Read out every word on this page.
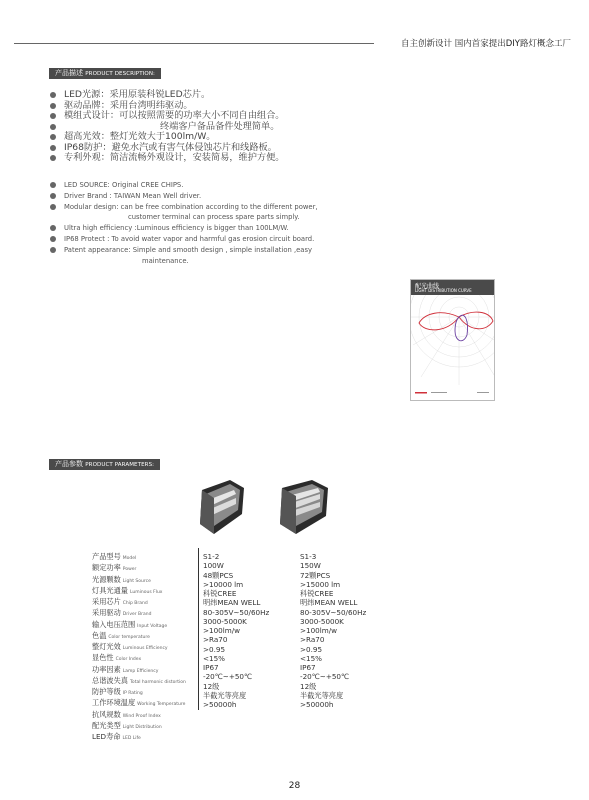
自主创新设计 国内首家提出DIY路灯概念工厂
产品描述 PRODUCT DESCRIPTION:
LED光源：采用原装科锐LED芯片。
驱动品牌：采用台湾明纬驱动。
模组式设计：可以按照需要的功率大小不同自由组合。
终端客户备品备件处理简单。
超高光效：整灯光效大于100lm/W。
IP68防护：避免水汽或有害气体侵蚀芯片和线路板。
专利外观：简洁流畅外观设计，安装简易，维护方便。
LED SOURCE: Original CREE CHIPS.
Driver Brand : TAIWAN Mean Well driver.
Modular design: can be free combination according to the different power,
customer terminal can process spare parts simply.
Ultra high efficiency :Luminous efficiency is bigger than 100LM/W.
IP68 Protect : To avoid water vapor and harmful gas erosion circuit board.
Patent appearance: Simple and smooth design , simple installation ,easy
maintenance.
配光曲线
LIGHT DISTRIBUTION CURVE
产品参数 PRODUCT PARAMETERS:
产品型号 Model
额定功率 Power
光源颗数 Light Source
灯具光通量 Luminous Flux
采用芯片 Chip Brand
采用驱动 Driver Brand
输入电压范围 Input Voltage
色温 Color temperature
整灯光效 Luminous Efficiency
显色性 Color Index
功率因素 Lamp Efficiency
总谐波失真 Total harmonic distortion
防护等级 IP Rating
工作环境温度 Working Temperature
抗风规数 Wind Proof Index
配光类型 Light Distribution
LED寿命 LED Life
S1-2
100W
48颗PCS
>10000 lm
科锐CREE
明纬MEAN WELL
80-305V~50/60Hz
3000-5000K
>100lm/w
>Ra70
>0.95
<15%
IP67
-20℃~+50℃
12级
半截光等亮度
>50000h
S1-3
150W
72颗PCS
>15000 lm
科锐CREE
明纬MEAN WELL
80-305V~50/60Hz
3000-5000K
>100lm/w
>Ra70
>0.95
<15%
IP67
-20℃~+50℃
12级
半截光等亮度
>50000h
28
